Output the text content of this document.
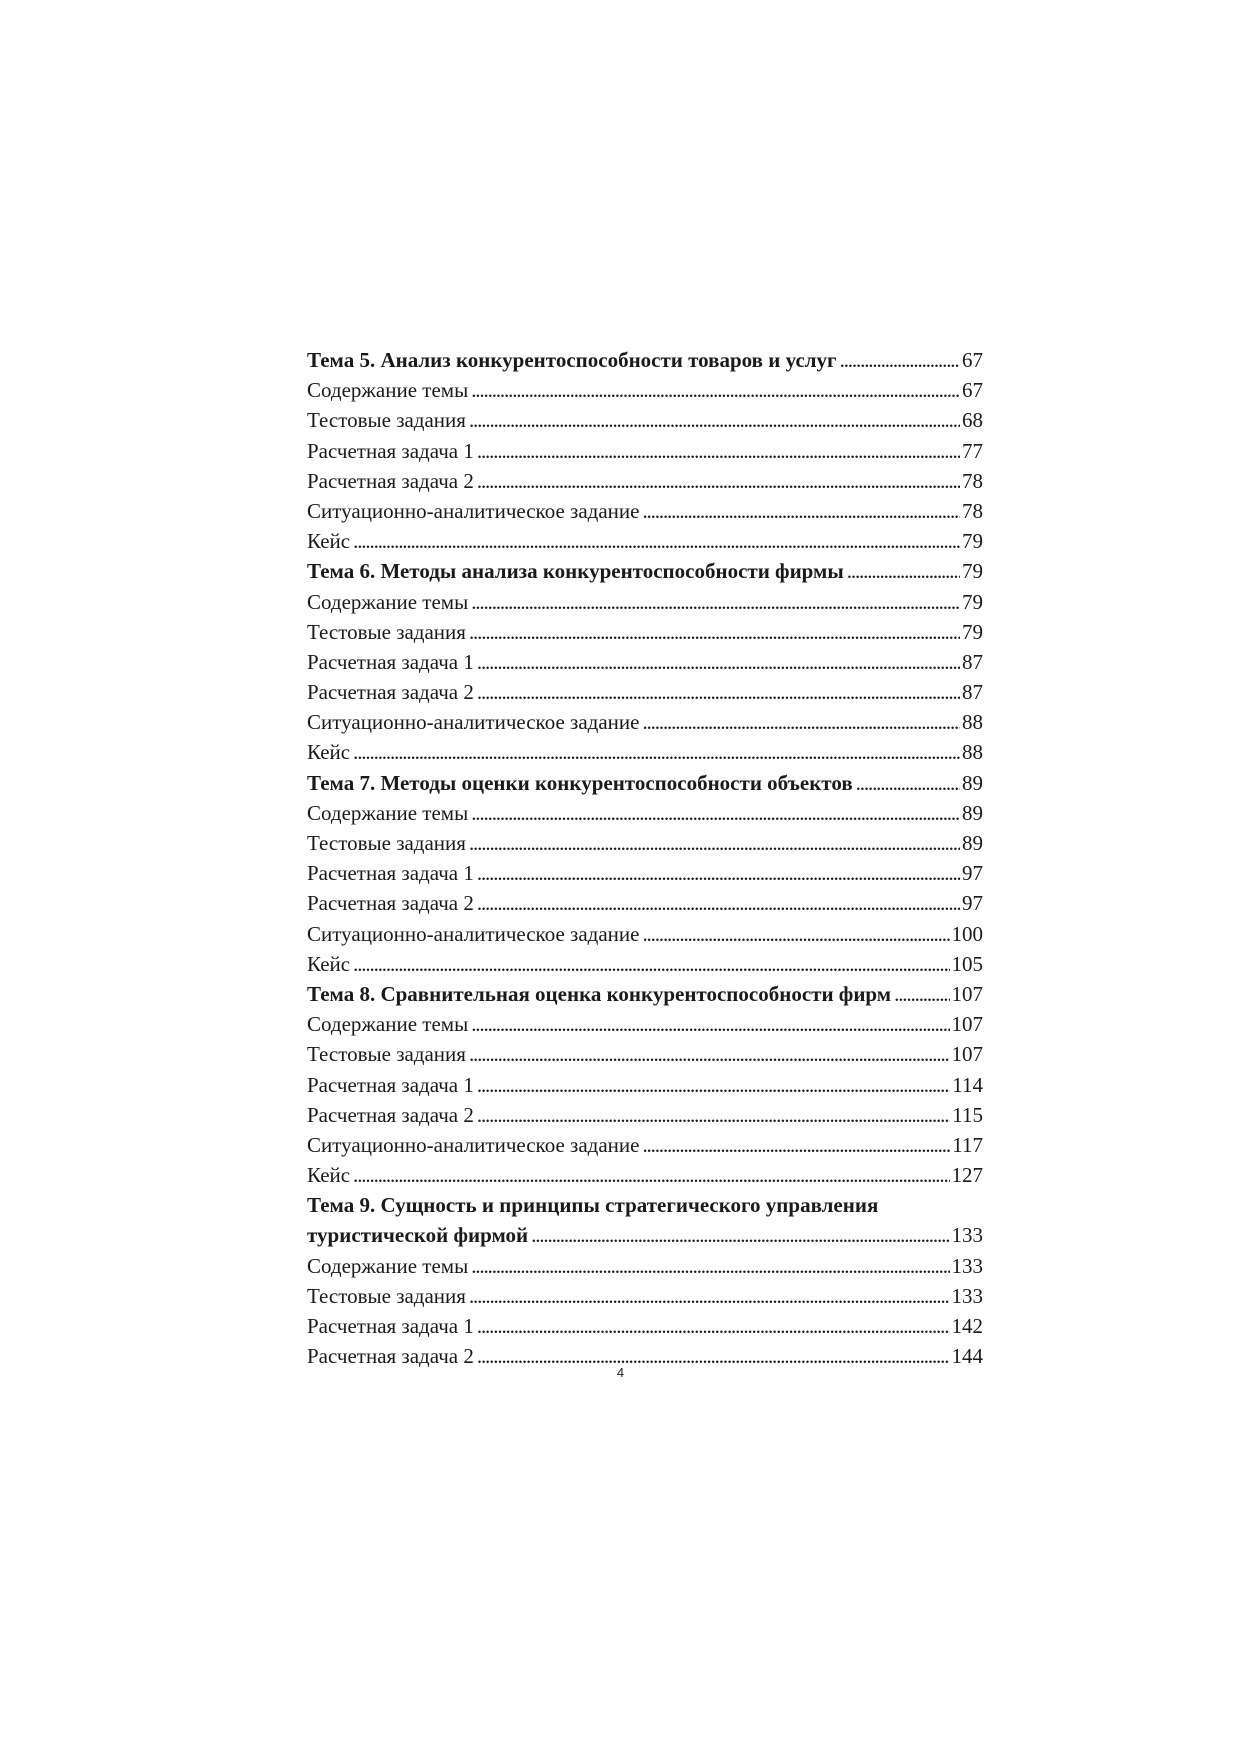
Тема 5. Анализ конкурентоспособности товаров и услуг . . .	67
Содержание темы . . .	67
Тестовые задания . . .	68
Расчетная задача 1 . . .	77
Расчетная задача 2 . . .	78
Ситуационно-аналитическое задание . . .	78
Кейс . . .	79
Тема 6. Методы анализа конкурентоспособности фирмы . . .	79
Содержание темы . . .	79
Тестовые задания . . .	79
Расчетная задача 1 . . .	87
Расчетная задача 2 . . .	87
Ситуационно-аналитическое задание . . .	88
Кейс . . .	88
Тема 7. Методы оценки конкурентоспособности объектов . . .	89
Содержание темы . . .	89
Тестовые задания . . .	89
Расчетная задача 1 . . .	97
Расчетная задача 2 . . .	97
Ситуационно-аналитическое задание . . .	100
Кейс . . .	105
Тема 8. Сравнительная оценка конкурентоспособности фирм . . .	107
Содержание темы . . .	107
Тестовые задания . . .	107
Расчетная задача 1 . . .	114
Расчетная задача 2 . . .	115
Ситуационно-аналитическое задание . . .	117
Кейс . . .	127
Тема 9. Сущность и принципы стратегического управления
туристической фирмой . . .	133
Содержание темы . . .	133
Тестовые задания . . .	133
Расчетная задача 1 . . .	142
Расчетная задача 2 . . .	144
4
